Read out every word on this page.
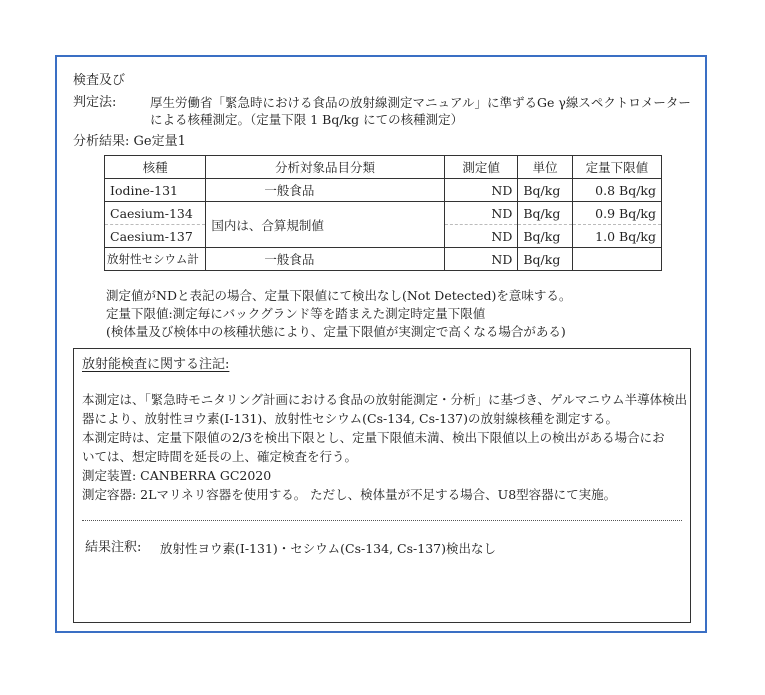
検査及び
判定法:	厚生労働省「緊急時における食品の放射線測定マニュアル」に準ずるGe γ線スペクトロメーター
による核種測定。（定量下限 1 Bq/kg にての核種測定）
分析結果: Ge定量1
核種	分析対象品目分類	測定値	単位	定量下限値
Iodine-131	一般食品	ND	Bq/kg	0.8 Bq/kg
Caesium-134	国内は、合算規制値	ND	Bq/kg	0.9 Bq/kg
Caesium-137		ND	Bq/kg	1.0 Bq/kg
放射性セシウム計	一般食品	ND	Bq/kg	
測定値がNDと表記の場合、定量下限値にて検出なし(Not Detected)を意味する。
定量下限値:測定毎にバックグランド等を踏まえた測定時定量下限値
(検体量及び検体中の核種状態により、定量下限値が実測定で高くなる場合がある)
放射能検査に関する注記:
本測定は、「緊急時モニタリング計画における食品の放射能測定・分析」に基づき、ゲルマニウム半導体検出
器により、放射性ヨウ素(I-131)、放射性セシウム(Cs-134, Cs-137)の放射線核種を測定する。
本測定時は、定量下限値の2/3を検出下限とし、定量下限値未満、検出下限値以上の検出がある場合にお
いては、想定時間を延長の上、確定検査を行う。
測定装置: CANBERRA GC2020
測定容器: 2Lマリネリ容器を使用する。 ただし、検体量が不足する場合、U8型容器にて実施。
結果注釈: 放射性ヨウ素(I-131)・セシウム(Cs-134, Cs-137)検出なし
